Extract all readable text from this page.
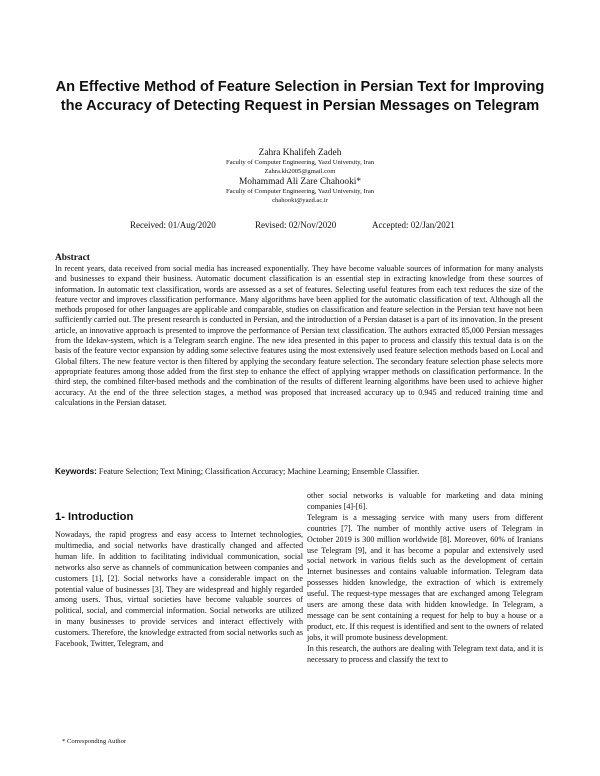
An Effective Method of Feature Selection in Persian Text for Improving the Accuracy of Detecting Request in Persian Messages on Telegram
Zahra Khalifeh Zadeh
Faculty of Computer Engineering, Yazd University, Iran
Zahra.kh2005@gmail.com
Mohammad Ali Zare Chahooki*
Faculty of Computer Engineering, Yazd University, Iran
chahooki@yazd.ac.ir
Received: 01/Aug/2020	Revised: 02/Nov/2020	Accepted: 02/Jan/2021
Abstract
In recent years, data received from social media has increased exponentially. They have become valuable sources of information for many analysts and businesses to expand their business. Automatic document classification is an essential step in extracting knowledge from these sources of information. In automatic text classification, words are assessed as a set of features. Selecting useful features from each text reduces the size of the feature vector and improves classification performance. Many algorithms have been applied for the automatic classification of text. Although all the methods proposed for other languages are applicable and comparable, studies on classification and feature selection in the Persian text have not been sufficiently carried out. The present research is conducted in Persian, and the introduction of a Persian dataset is a part of its innovation. In the present article, an innovative approach is presented to improve the performance of Persian text classification. The authors extracted 85,000 Persian messages from the Idekav-system, which is a Telegram search engine. The new idea presented in this paper to process and classify this textual data is on the basis of the feature vector expansion by adding some selective features using the most extensively used feature selection methods based on Local and Global filters. The new feature vector is then filtered by applying the secondary feature selection. The secondary feature selection phase selects more appropriate features among those added from the first step to enhance the effect of applying wrapper methods on classification performance. In the third step, the combined filter-based methods and the combination of the results of different learning algorithms have been used to achieve higher accuracy. At the end of the three selection stages, a method was proposed that increased accuracy up to 0.945 and reduced training time and calculations in the Persian dataset.
Keywords: Feature Selection; Text Mining; Classification Accuracy; Machine Learning; Ensemble Classifier.
1- Introduction

Nowadays, the rapid progress and easy access to Internet technologies, multimedia, and social networks have drastically changed and affected human life. In addition to facilitating individual communication, social networks also serve as channels of communication between companies and customers [1], [2]. Social networks have a considerable impact on the potential value of businesses [3]. They are widespread and highly regarded among users. Thus, virtual societies have become valuable sources of political, social, and commercial information. Social networks are utilized in many businesses to provide services and interact effectively with customers. Therefore, the knowledge extracted from social networks such as Facebook, Twitter, Telegram, and

other social networks is valuable for marketing and data mining companies [4]-[6].

Telegram is a messaging service with many users from different countries [7]. The number of monthly active users of Telegram in October 2019 is 300 million worldwide [8]. Moreover, 60% of Iranians use Telegram [9], and it has become a popular and extensively used social network in various fields such as the development of certain Internet businesses and contains valuable information. Telegram data possesses hidden knowledge, the extraction of which is extremely useful. The request-type messages that are exchanged among Telegram users are among these data with hidden knowledge. In Telegram, a message can be sent containing a request for help to buy a house or a product, etc. If this request is identified and sent to the owners of related jobs, it will promote business development.

In this research, the authors are dealing with Telegram text data, and it is necessary to process and classify the text to

* Corresponding Author
